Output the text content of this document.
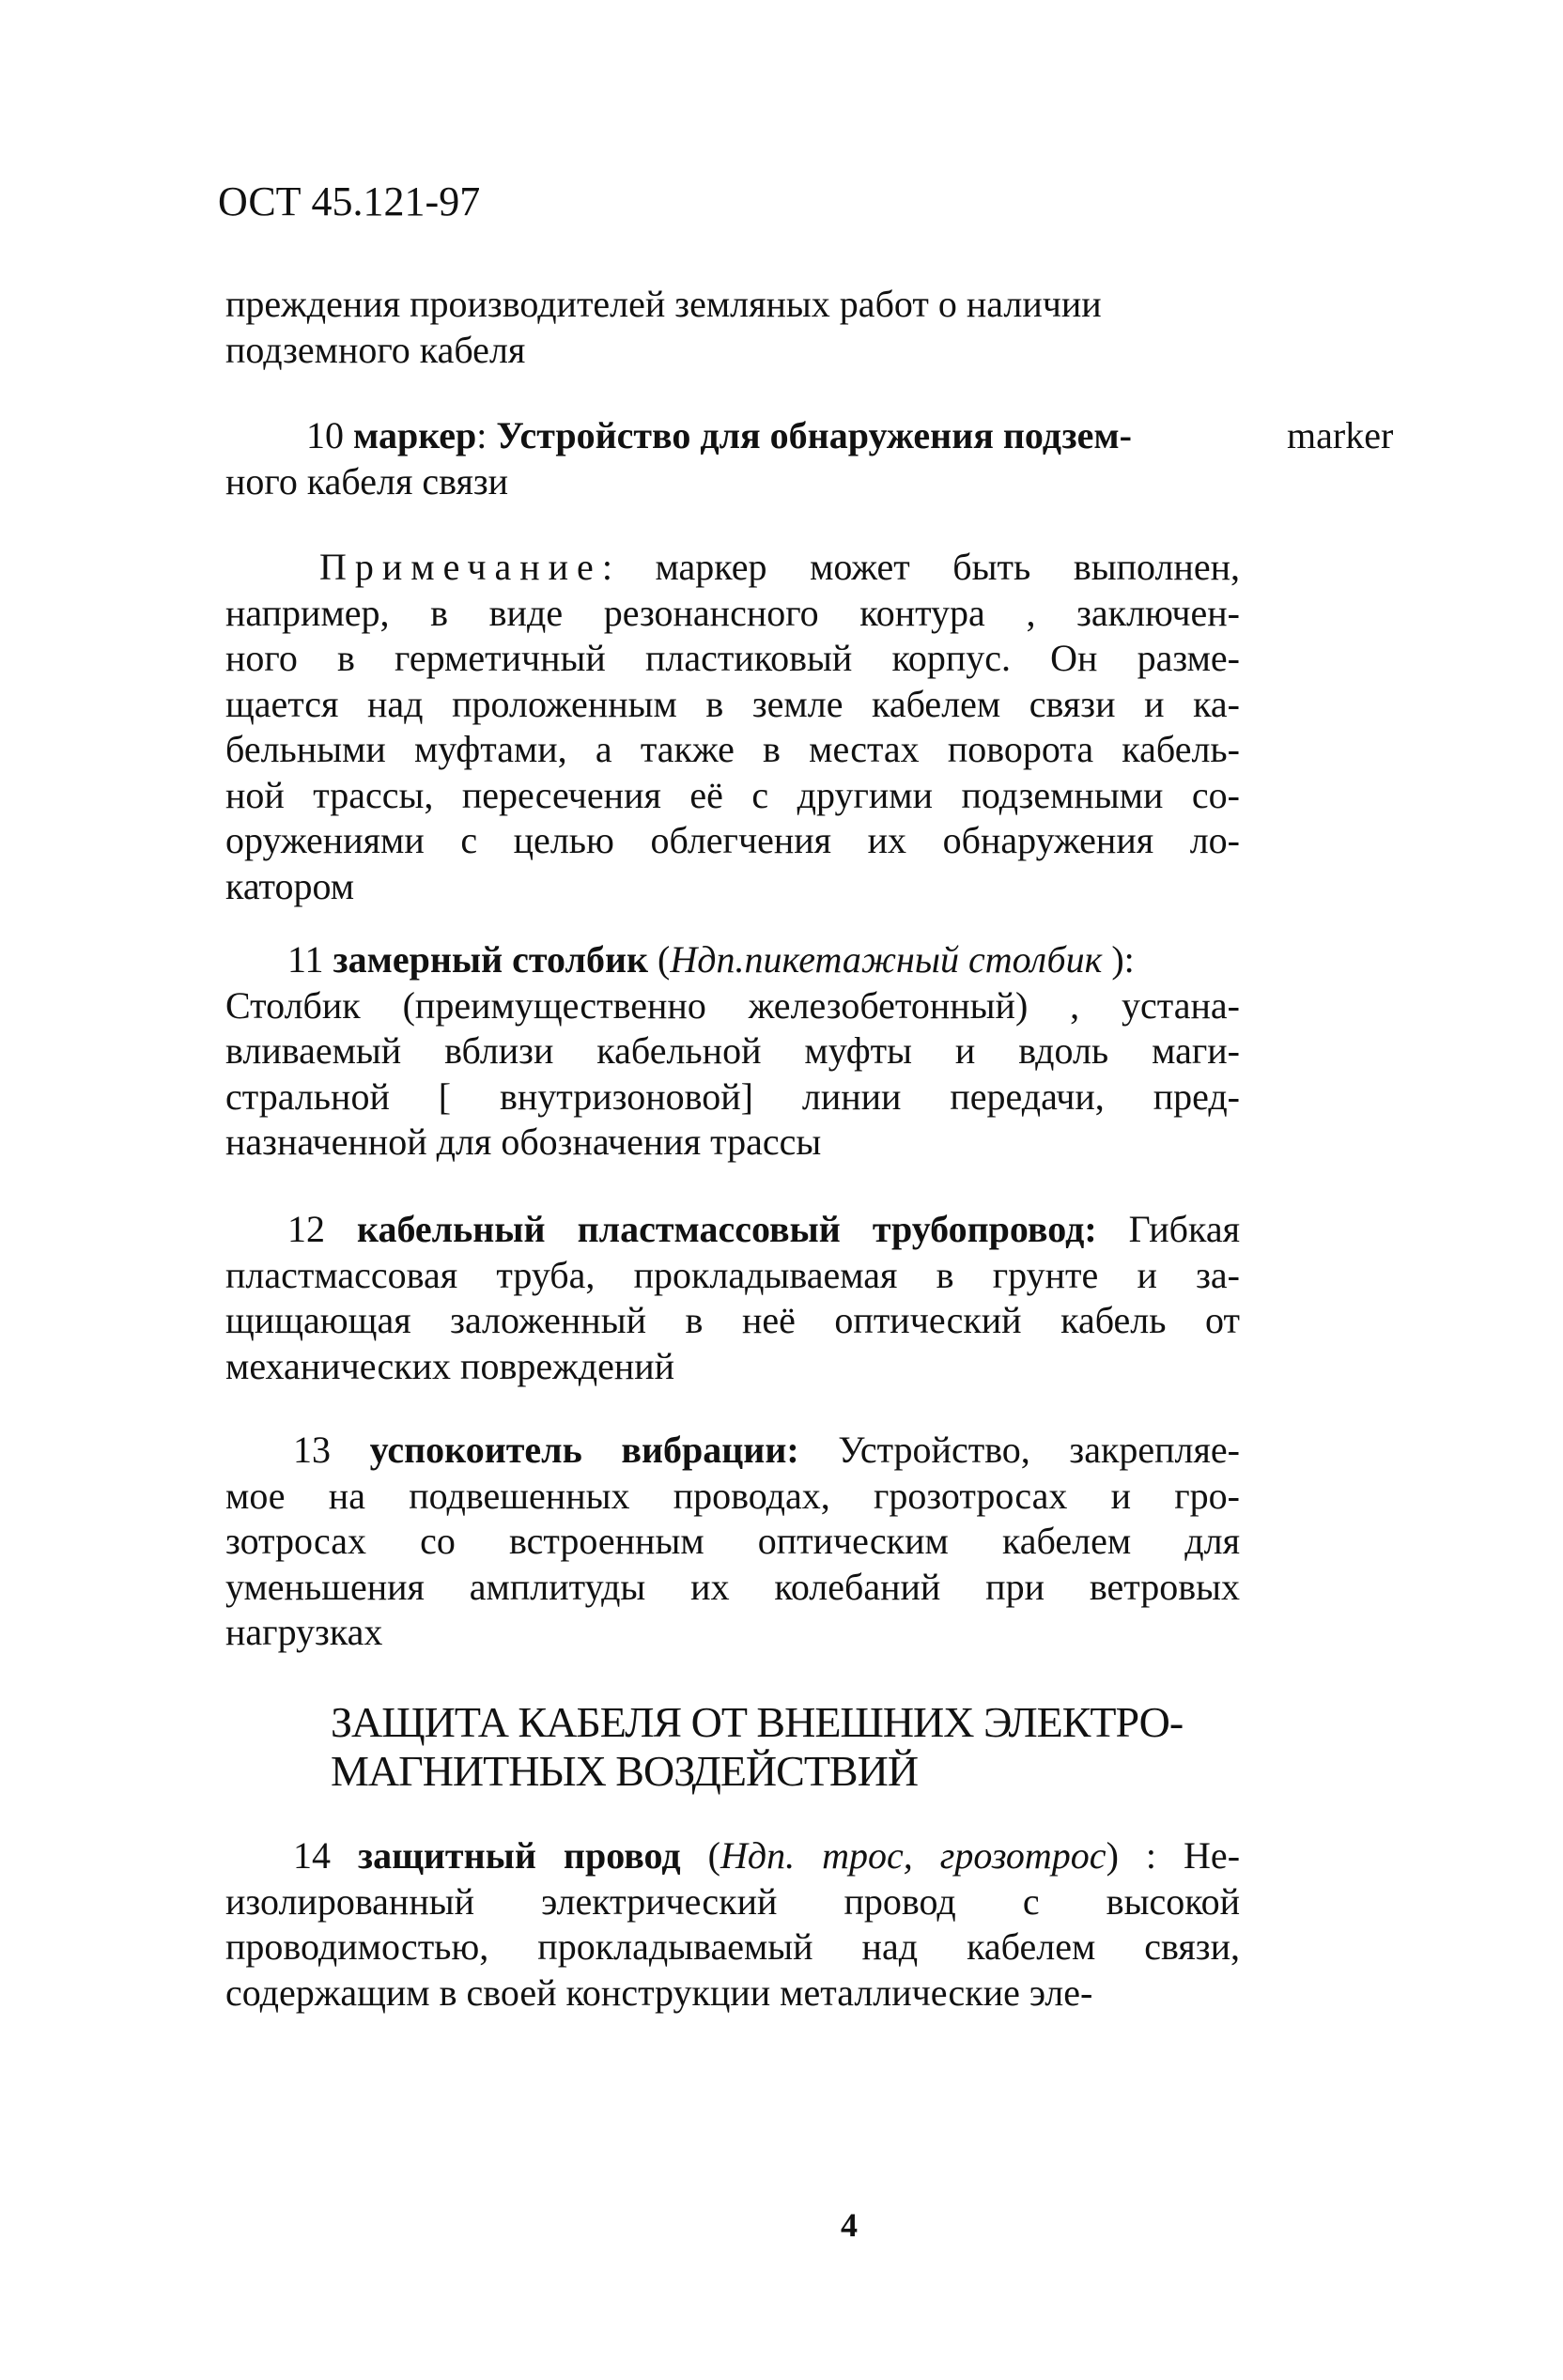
ОСТ 45.121-97
преждения производителей земляных работ о наличии
подземного кабеля
10 маркер: Устройство для обнаружения подзем-
ного кабеля связи
marker
Примечание: маркер может быть выполнен,
например, в виде резонансного контура , заключен-
ного в герметичный пластиковый корпус. Он разме-
щается над проложенным в земле кабелем связи и ка-
бельными муфтами, а также в местах поворота кабель-
ной трассы, пересечения её с другими подземными со-
оружениями с целью облегчения их обнаружения ло-
катором
11 замерный столбик (Ндп.пикетажный столбик ):
Столбик (преимущественно железобетонный) , устана-
вливаемый вблизи кабельной муфты и вдоль маги-
стральной [ внутризоновой] линии передачи, пред-
назначенной для обозначения трассы
12 кабельный пластмассовый трубопровод: Гибкая
пластмассовая труба, прокладываемая в грунте и за-
щищающая заложенный в неё оптический кабель от
механических повреждений
13 успокоитель вибрации: Устройство, закрепляе-
мое на подвешенных проводах, грозотросах и гро-
зотросах со встроенным оптическим кабелем для
уменьшения амплитуды их колебаний при ветровых
нагрузках
ЗАЩИТА КАБЕЛЯ ОТ ВНЕШНИХ ЭЛЕКТРО-
МАГНИТНЫХ ВОЗДЕЙСТВИЙ
14 защитный провод (Ндп. трос, грозотрос) : Не-
изолированный электрический провод с высокой
проводимостью, прокладываемый над кабелем связи,
содержащим в своей конструкции металлические эле-
4
